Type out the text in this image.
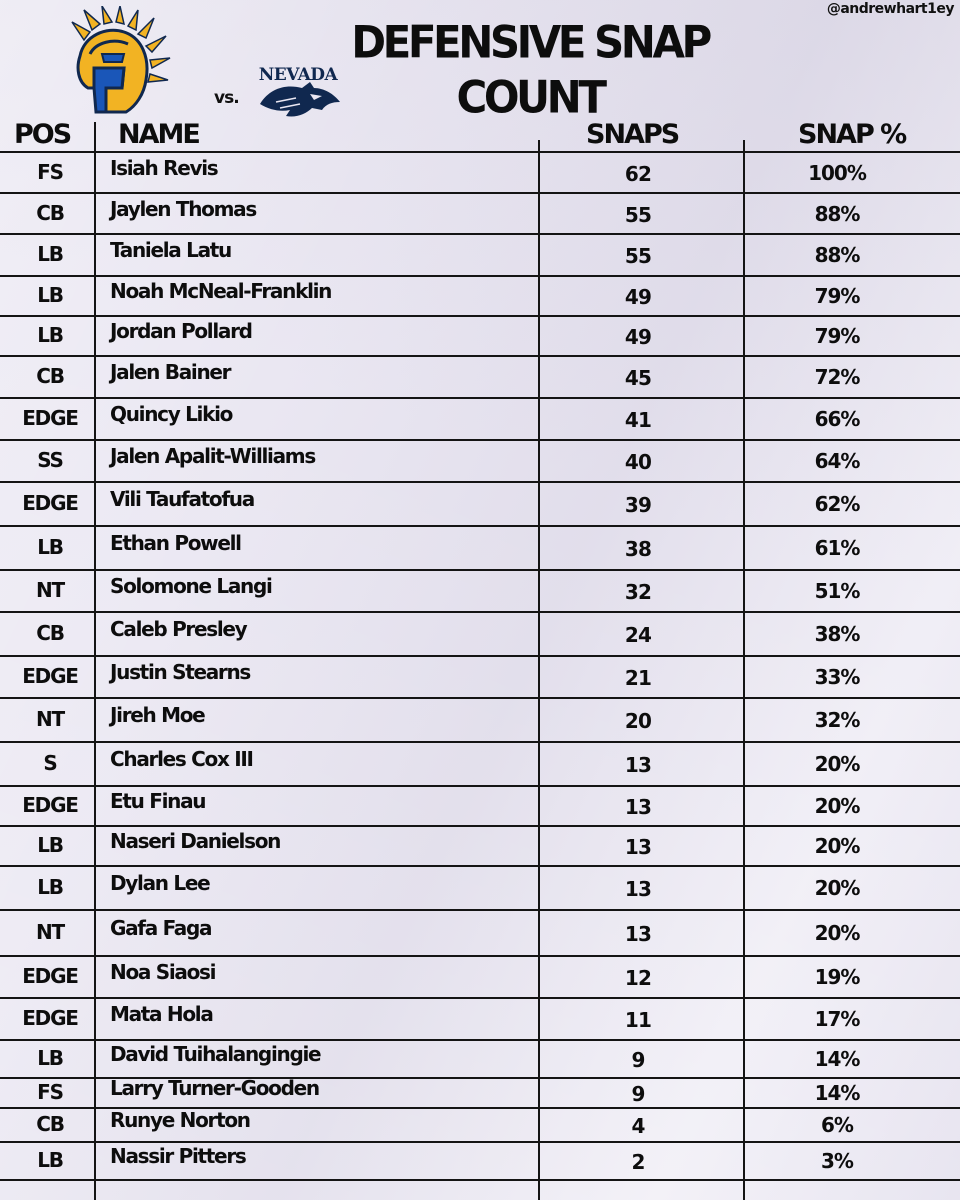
@andrewhart1ey
vs.
NEVADA
DEFENSIVE SNAP
COUNT
POS NAME	SNAPS	SNAP %
FS	Isiah Revis	62	100%
CB	Jaylen Thomas	55	88%
LB	Taniela Latu	55	88%
LB	Noah McNeal-Franklin	49	79%
LB	Jordan Pollard	49	79%
CB	Jalen Bainer	45	72%
EDGE	Quincy Likio	41	66%
SS	Jalen Apalit-Williams	40	64%
EDGE	Vili Taufatofua	39	62%
LB	Ethan Powell	38	61%
NT	Solomone Langi	32	51%
CB	Caleb Presley	24	38%
EDGE	Justin Stearns	21	33%
NT	Jireh Moe	20	32%
S	Charles Cox III	13	20%
EDGE	Etu Finau	13	20%
LB	Naseri Danielson	13	20%
LB	Dylan Lee	13	20%
NT	Gafa Faga	13	20%
EDGE	Noa Siaosi	12	19%
EDGE	Mata Hola	11	17%
LB	David Tuihalangingie	9	14%
FS	Larry Turner-Gooden	9	14%
CB	Runye Norton	4	6%
LB	Nassir Pitters	2	3%
